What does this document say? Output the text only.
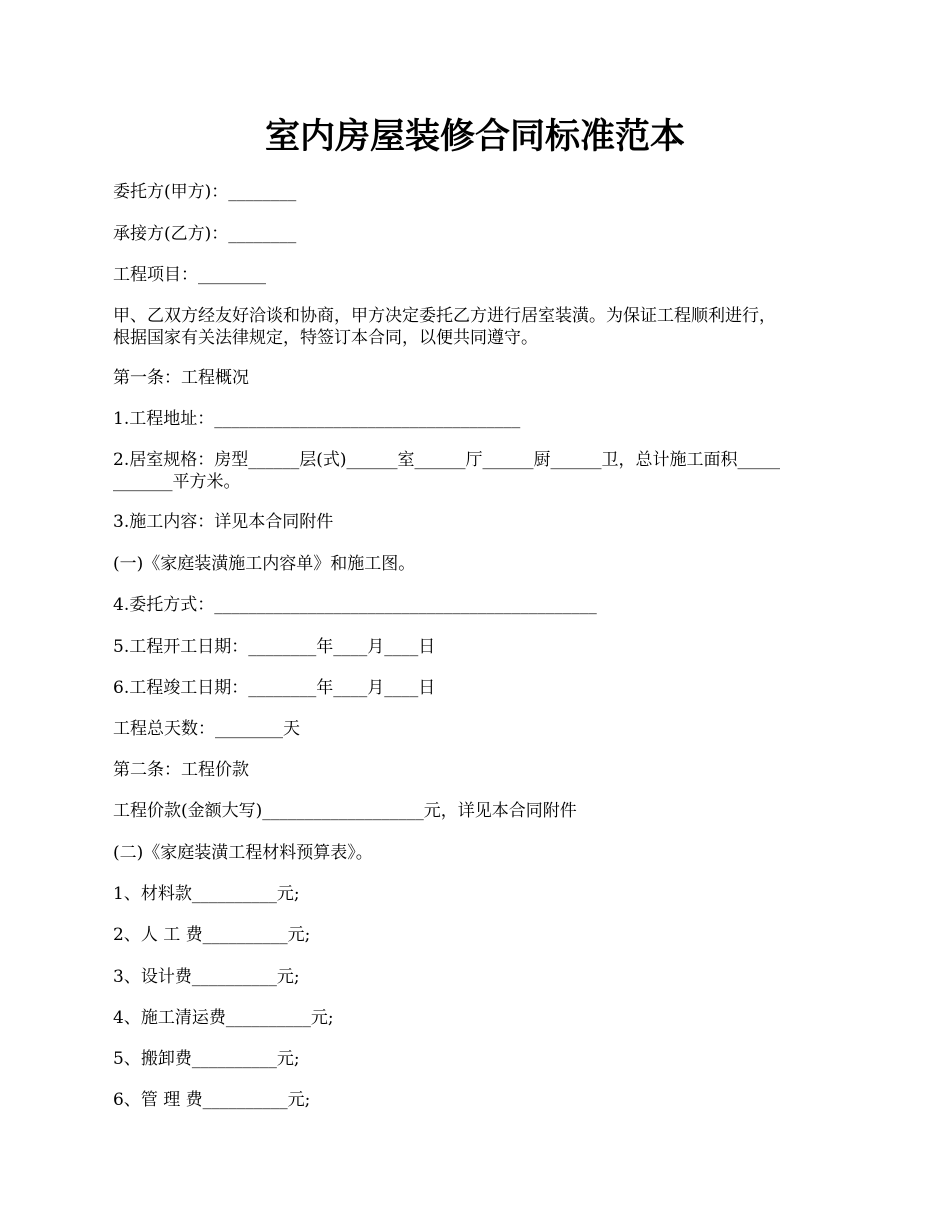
室内房屋装修合同标准范本
委托方(甲方)：________
承接方(乙方)：________
工程项目：________
甲、乙双方经友好洽谈和协商，甲方决定委托乙方进行居室装潢。为保证工程顺利进行，
根据国家有关法律规定，特签订本合同，以便共同遵守。
第一条：工程概况
1.工程地址：____________________________________
2.居室规格：房型______层(式)______室______厅______厨______卫，总计施工面积_____
_______平方米。
3.施工内容：详见本合同附件
(一)《家庭装潢施工内容单》和施工图。
4.委托方式：_____________________________________________
5.工程开工日期：________年____月____日
6.工程竣工日期：________年____月____日
工程总天数：________天
第二条：工程价款
工程价款(金额大写)___________________元，详见本合同附件
(二)《家庭装潢工程材料预算表》。
1、材料款__________元;
2、人 工 费__________元;
3、设计费__________元;
4、施工清运费__________元;
5、搬卸费__________元;
6、管 理 费__________元;
